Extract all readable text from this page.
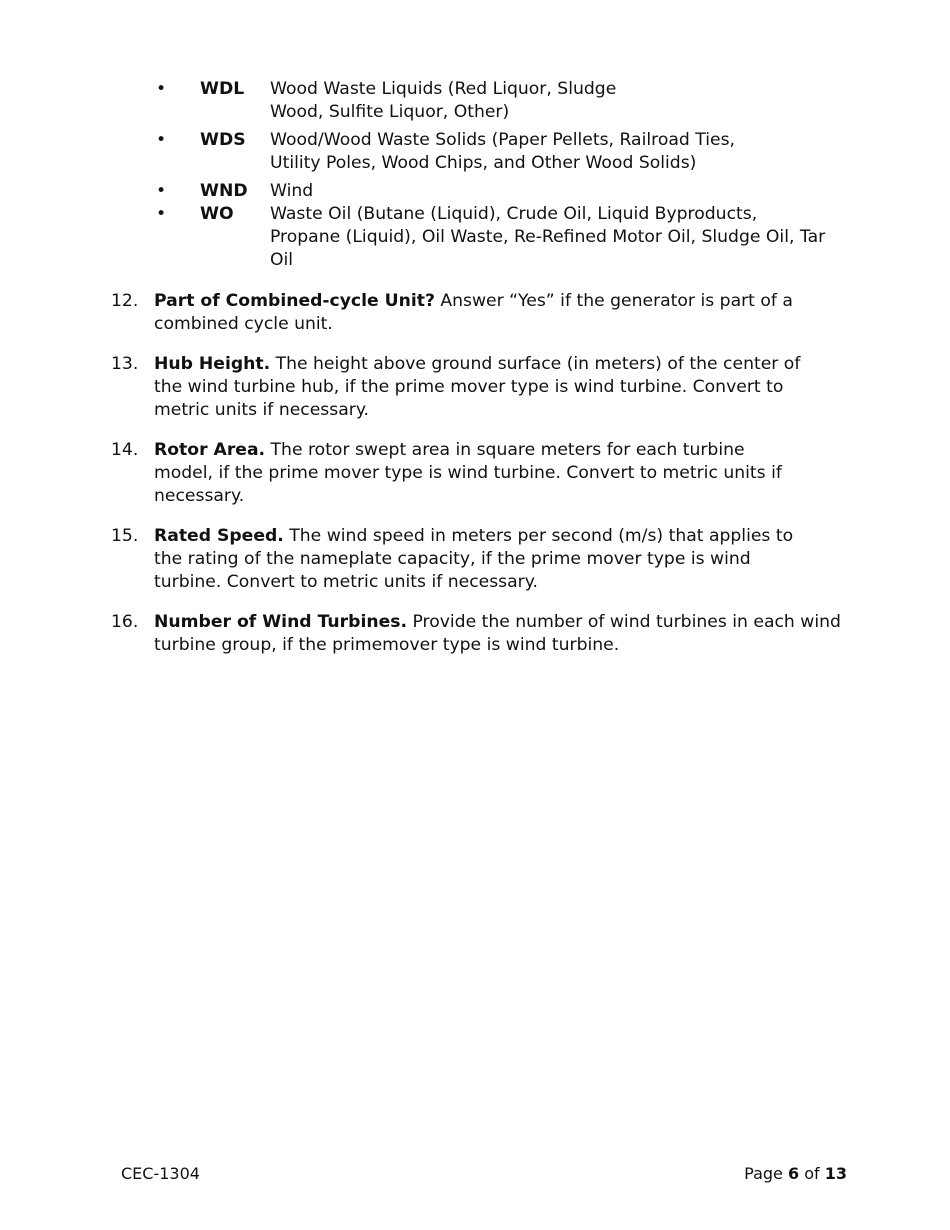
•
WDL Wood Waste Liquids (Red Liquor, Sludge
Wood, Sulfite Liquor, Other)
•
WDS Wood/Wood Waste Solids (Paper Pellets, Railroad Ties,
Utility Poles, Wood Chips, and Other Wood Solids)
•
WND Wind
•
WO Waste Oil (Butane (Liquid), Crude Oil, Liquid Byproducts,
Propane (Liquid), Oil Waste, Re-Refined Motor Oil, Sludge Oil, Tar
Oil
12. Part of Combined-cycle Unit? Answer “Yes” if the generator is part of a
combined cycle unit.
13. Hub Height. The height above ground surface (in meters) of the center of
the wind turbine hub, if the prime mover type is wind turbine. Convert to
metric units if necessary.
14. Rotor Area. The rotor swept area in square meters for each turbine
model, if the prime mover type is wind turbine. Convert to metric units if
necessary.
15. Rated Speed. The wind speed in meters per second (m/s) that applies to
the rating of the nameplate capacity, if the prime mover type is wind
turbine. Convert to metric units if necessary.
16. Number of Wind Turbines. Provide the number of wind turbines in each wind
turbine group, if the primemover type is wind turbine.
CEC-1304	Page 6 of 13
